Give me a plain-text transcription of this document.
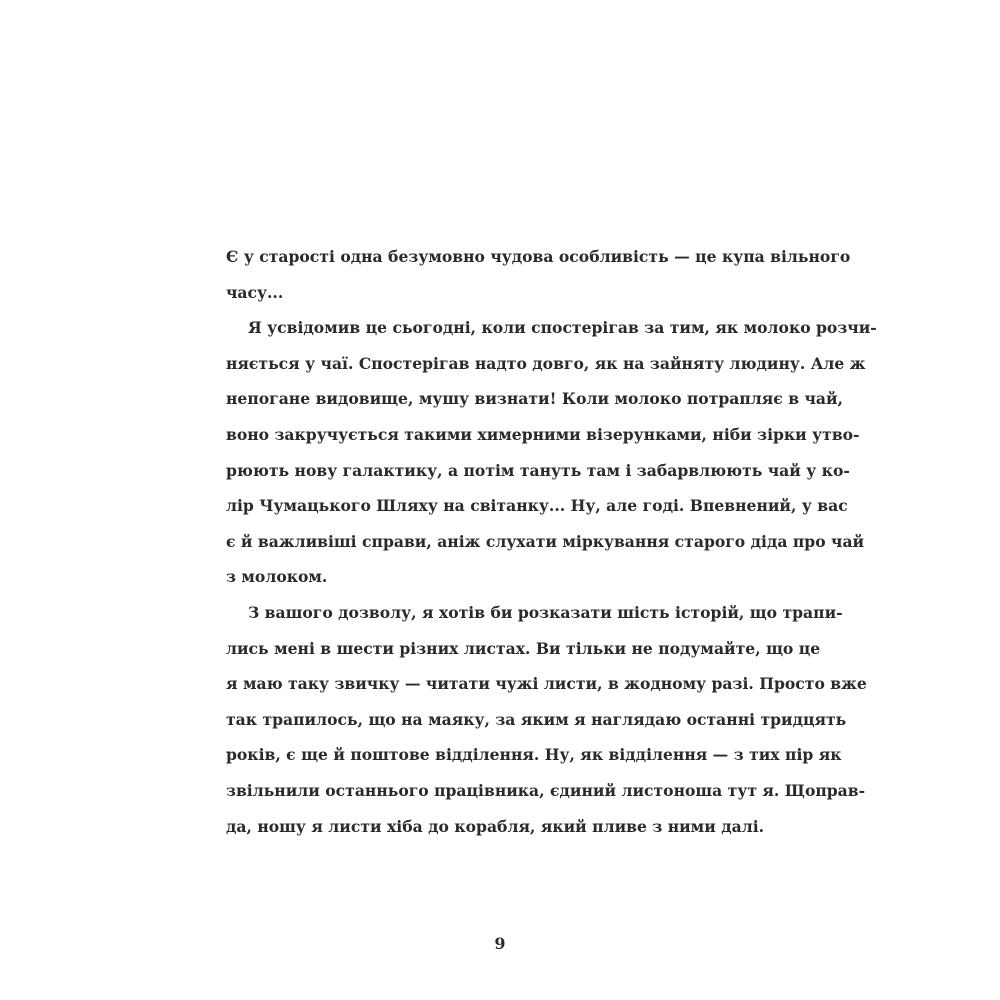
Є у старості одна безумовно чудова особливість — це купа вільного
часу...
Я усвідомив це сьогодні, коли спостерігав за тим, як молоко розчи-
няється у чаї. Спостерігав надто довго, як на зайняту людину. Але ж
непогане видовище, мушу визнати! Коли молоко потрапляє в чай,
воно закручується такими химерними візерунками, ніби зірки утво-
рюють нову галактику, а потім тануть там і забарвлюють чай у ко-
лір Чумацького Шляху на світанку... Ну, але годі. Впевнений, у вас
є й важливіші справи, аніж слухати міркування старого діда про чай
з молоком.
З вашого дозволу, я хотів би розказати шість історій, що трапи-
лись мені в шести різних листах. Ви тільки не подумайте, що це
я маю таку звичку — читати чужі листи, в жодному разі. Просто вже
так трапилось, що на маяку, за яким я наглядаю останні тридцять
років, є ще й поштове відділення. Ну, як відділення — з тих пір як
звільнили останнього працівника, єдиний листоноша тут я. Щоправ-
да, ношу я листи хіба до корабля, який пливе з ними далі.
9
